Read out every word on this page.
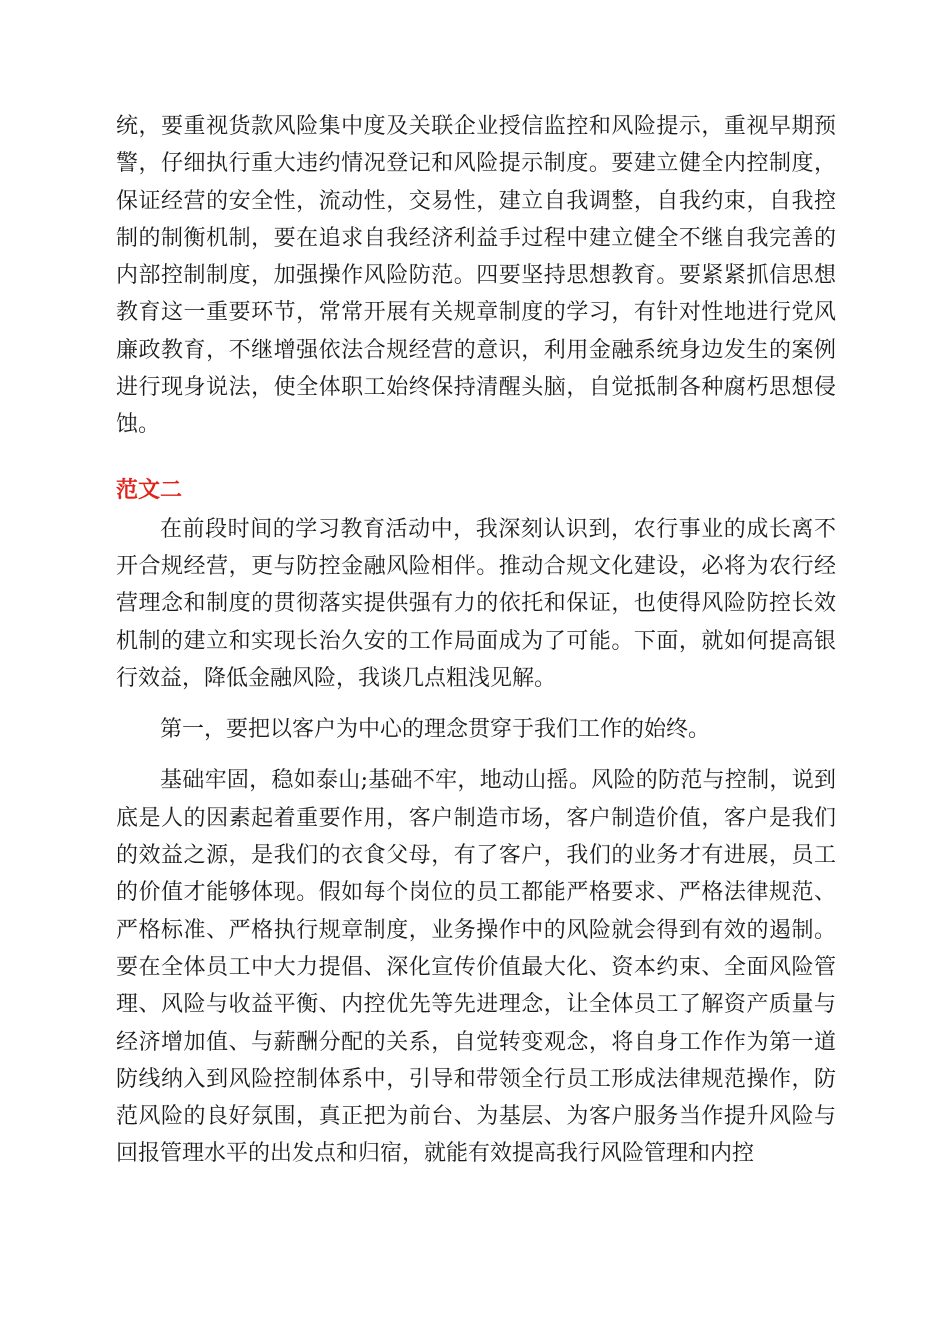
统，要重视货款风险集中度及关联企业授信监控和风险提示，重视早期预警，仔细执行重大违约情况登记和风险提示制度。要建立健全内控制度，保证经营的安全性，流动性，交易性，建立自我调整，自我约束，自我控制的制衡机制，要在追求自我经济利益手过程中建立健全不继自我完善的内部控制制度，加强操作风险防范。四要坚持思想教育。要紧紧抓信思想教育这一重要环节，常常开展有关规章制度的学习，有针对性地进行党风廉政教育，不继增强依法合规经营的意识，利用金融系统身边发生的案例进行现身说法，使全体职工始终保持清醒头脑，自觉抵制各种腐朽思想侵蚀。

范文二

在前段时间的学习教育活动中，我深刻认识到，农行事业的成长离不开合规经营，更与防控金融风险相伴。推动合规文化建设，必将为农行经营理念和制度的贯彻落实提供强有力的依托和保证，也使得风险防控长效机制的建立和实现长治久安的工作局面成为了可能。下面，就如何提高银行效益，降低金融风险，我谈几点粗浅见解。

第一，要把以客户为中心的理念贯穿于我们工作的始终。

基础牢固，稳如泰山;基础不牢，地动山摇。风险的防范与控制，说到底是人的因素起着重要作用，客户制造市场，客户制造价值，客户是我们的效益之源，是我们的衣食父母，有了客户，我们的业务才有进展，员工的价值才能够体现。假如每个岗位的员工都能严格要求、严格法律规范、严格标准、严格执行规章制度，业务操作中的风险就会得到有效的遏制。要在全体员工中大力提倡、深化宣传价值最大化、资本约束、全面风险管理、风险与收益平衡、内控优先等先进理念，让全体员工了解资产质量与经济增加值、与薪酬分配的关系，自觉转变观念，将自身工作作为第一道防线纳入到风险控制体系中，引导和带领全行员工形成法律规范操作，防范风险的良好氛围，真正把为前台、为基层、为客户服务当作提升风险与回报管理水平的出发点和归宿，就能有效提高我行风险管理和内控
